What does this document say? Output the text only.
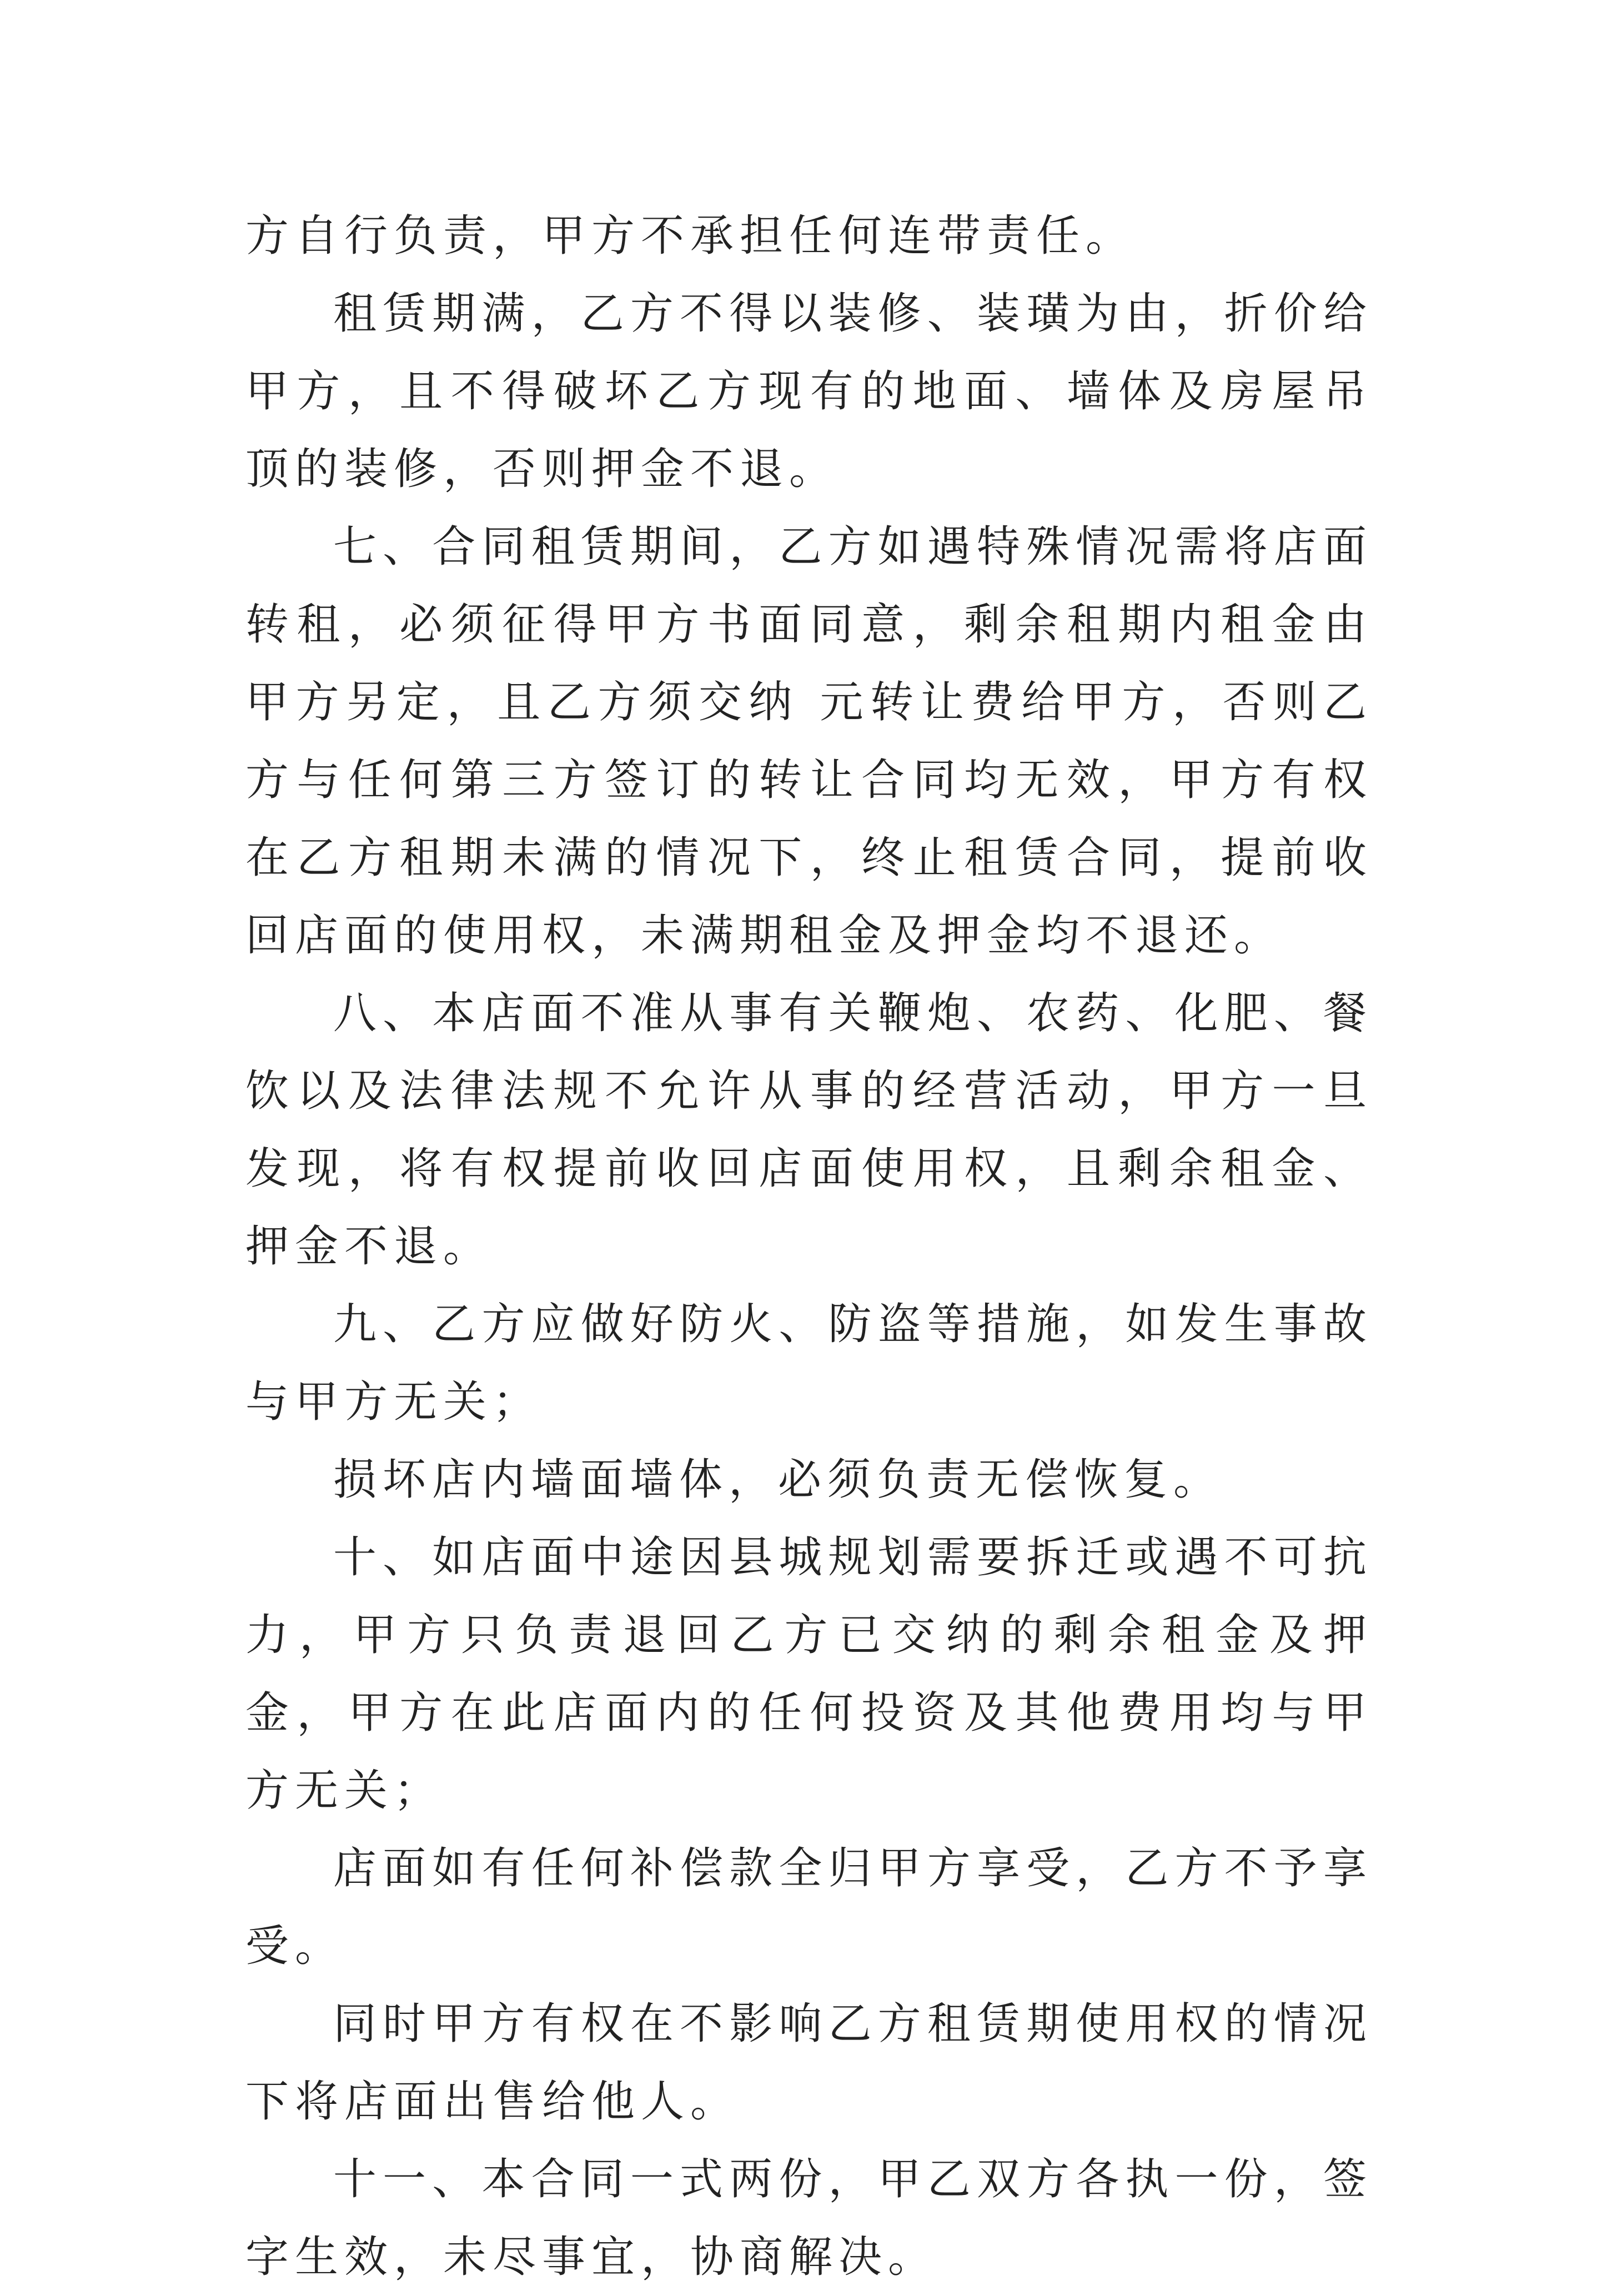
方自行负责，甲方不承担任何连带责任。

租赁期满，乙方不得以装修、装璜为由，折价给甲方，且不得破坏乙方现有的地面、墙体及房屋吊顶的装修，否则押金不退。

七、合同租赁期间，乙方如遇特殊情况需将店面转租，必须征得甲方书面同意，剩余租期内租金由甲方另定，且乙方须交纳 元转让费给甲方，否则乙方与任何第三方签订的转让合同均无效，甲方有权在乙方租期未满的情况下，终止租赁合同，提前收回店面的使用权，未满期租金及押金均不退还。

八、本店面不准从事有关鞭炮、农药、化肥、餐饮以及法律法规不允许从事的经营活动，甲方一旦发现，将有权提前收回店面使用权，且剩余租金、押金不退。

九、乙方应做好防火、防盗等措施，如发生事故与甲方无关；

损坏店内墙面墙体，必须负责无偿恢复。

十、如店面中途因县城规划需要拆迁或遇不可抗力，甲方只负责退回乙方已交纳的剩余租金及押金，甲方在此店面内的任何投资及其他费用均与甲方无关；

店面如有任何补偿款全归甲方享受，乙方不予享受。

同时甲方有权在不影响乙方租赁期使用权的情况下将店面出售给他人。

十一、本合同一式两份，甲乙双方各执一份，签字生效，未尽事宜，协商解决。
